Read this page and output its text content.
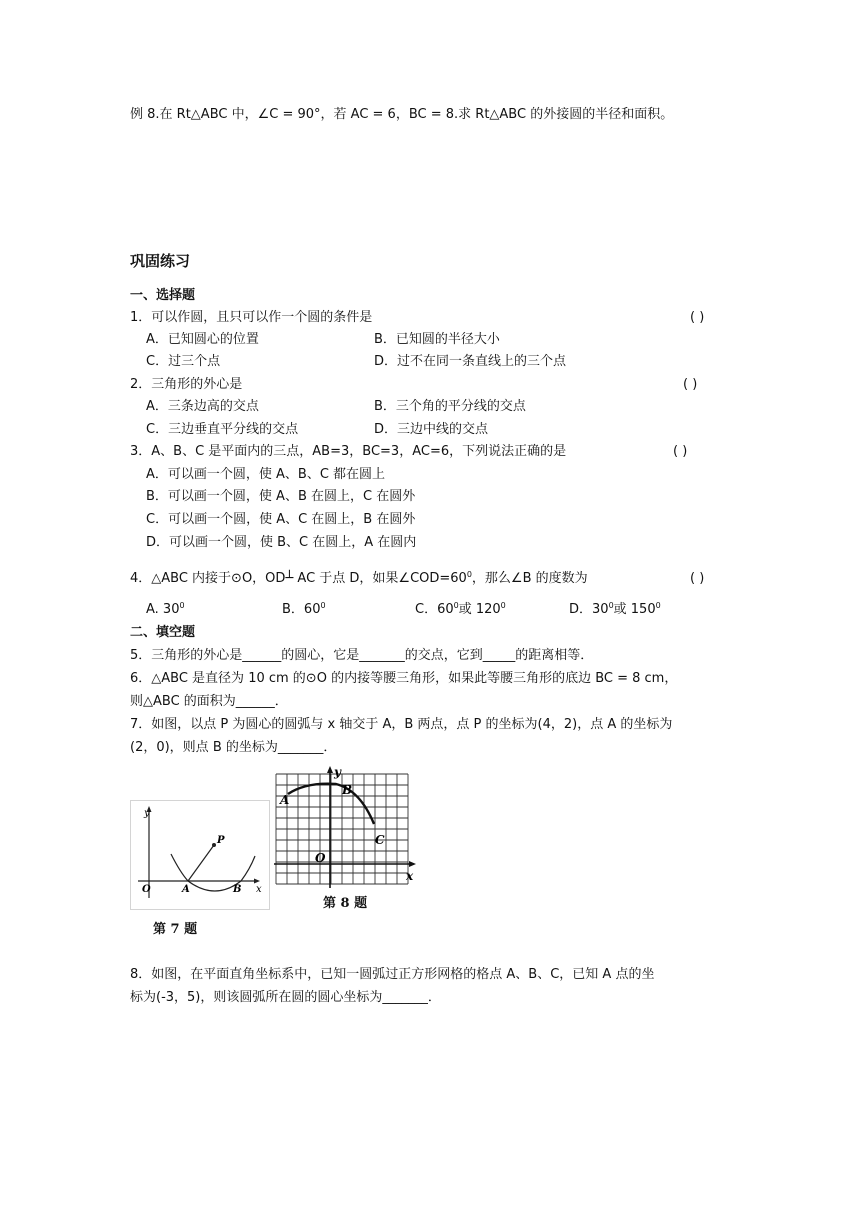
例 8.在 Rt△ABC 中，∠C = 90°，若 AC = 6，BC = 8.求 Rt△ABC 的外接圆的半径和面积。
巩固练习
一、选择题
1．可以作圆，且只可以作一个圆的条件是	( )
A．已知圆心的位置	B．已知圆的半径大小
C．过三个点	D．过不在同一条直线上的三个点
2．三角形的外心是	( )
A．三条边高的交点	B．三个角的平分线的交点
C．三边垂直平分线的交点	D．三边中线的交点
3．A、B、C 是平面内的三点，AB=3，BC=3，AC=6，下列说法正确的是	( )
A．可以画一个圆，使 A、B、C 都在圆上
B．可以画一个圆，使 A、B 在圆上，C 在圆外
C．可以画一个圆，使 A、C 在圆上，B 在圆外
D．可以画一个圆，使 B、C 在圆上，A 在圆内
4．△ABC 内接于⊙O，OD┴ AC 于点 D，如果$\angle COD=60^0$，那么∠B 的度数为	( )
A. $30^0$	B．$60^0$	C．$60^0$或 $120^0$	D．$30^0$或 $150^0$
二、填空题
5．三角形的外心是______的圆心，它是_______的交点，它到_____的距离相等．
6．△ABC 是直径为 10 cm 的⊙O 的内接等腰三角形，如果此等腰三角形的底边 BC = 8 cm，
则△ABC 的面积为______．
7．如图，以点 P 为圆心的圆弧与 x 轴交于 A，B 两点，点 P 的坐标为(4，2)，点 A 的坐标为
(2，0)，则点 B 的坐标为_______．
y
x
O	A	B
P
第 7 题
y
x
O
A
B
C
第 8 题
8．如图，在平面直角坐标系中，已知一圆弧过正方形网格的格点 A、B、C，已知 A 点的坐
标为(-3，5)，则该圆弧所在圆的圆心坐标为_______．
